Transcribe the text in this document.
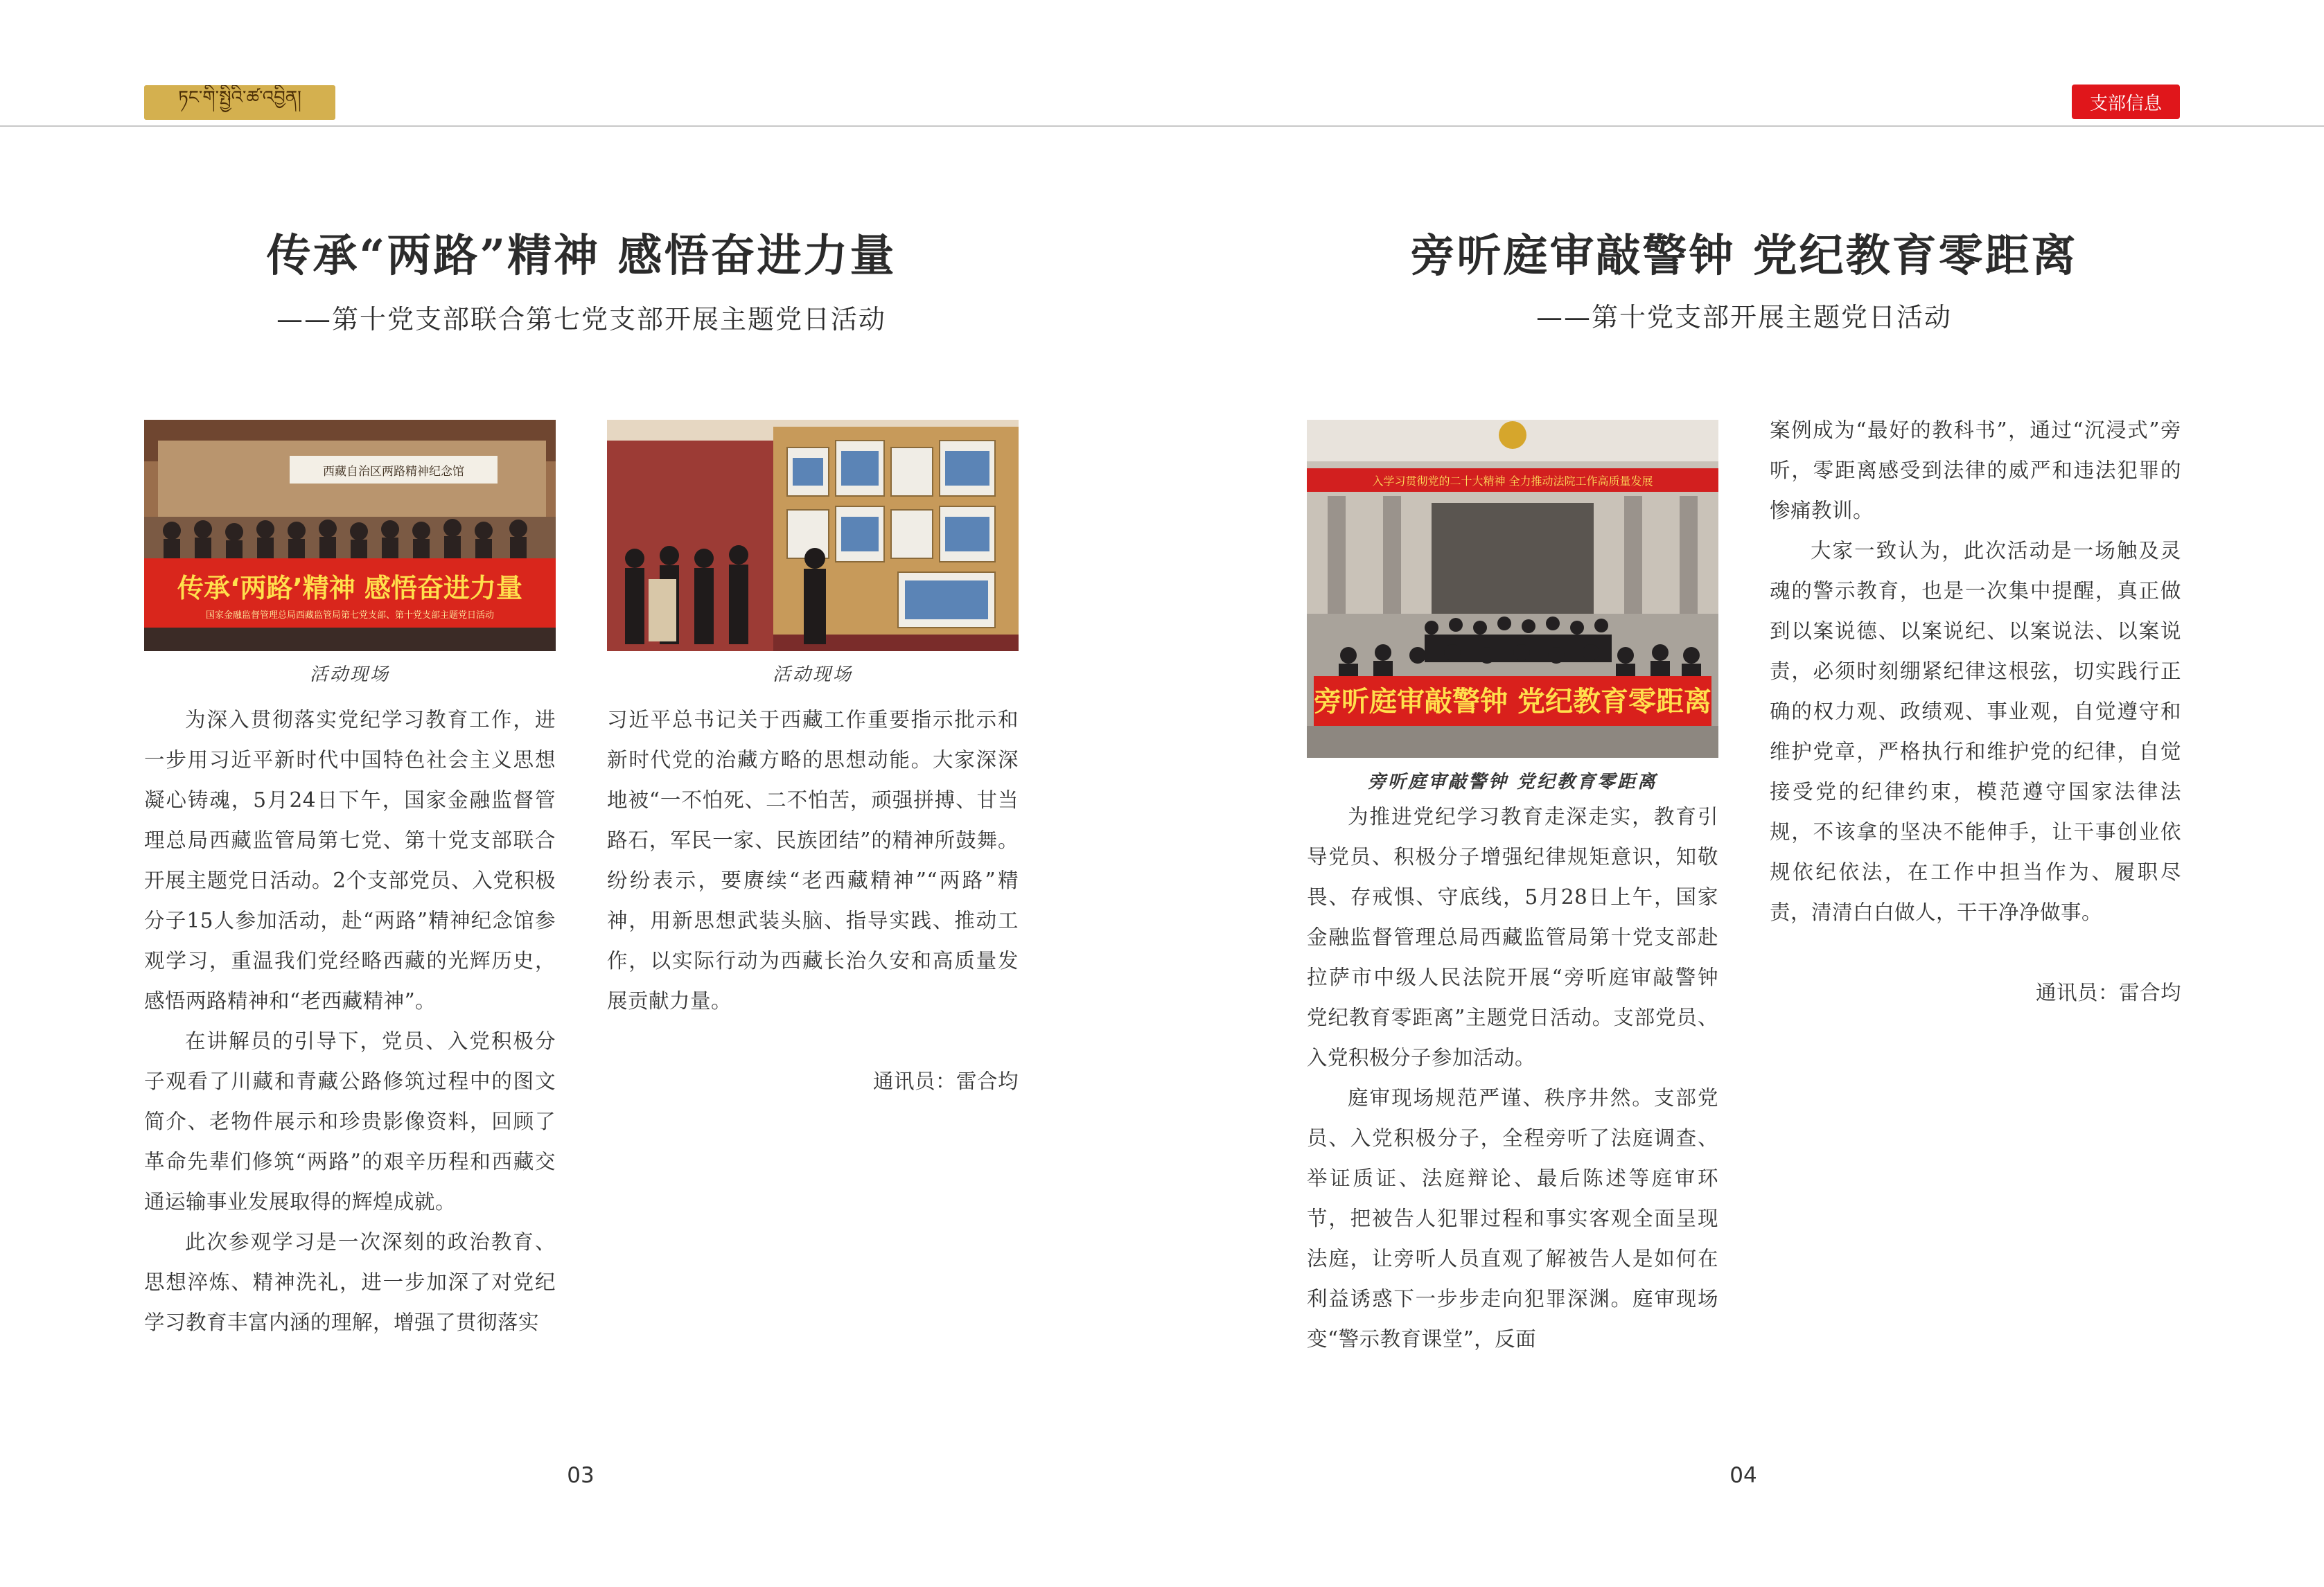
ཏང་གི་སྤྱིའི་ཚ་འབྱིན།	支部信息
传承“两路”精神 感悟奋进力量
——第十党支部联合第七党支部开展主题党日活动
西藏自治区两路精神纪念馆
传承‘两路’精神 感悟奋进力量
国家金融监督管理总局西藏监管局第七党支部、第十党支部主题党日活动
活动现场	活动现场

为深入贯彻落实党纪学习教育工作，进一步用习近平新时代中国特色社会主义思想凝心铸魂，5月24日下午，国家金融监督管理总局西藏监管局第七党、第十党支部联合开展主题党日活动。2个支部党员、入党积极分子15人参加活动，赴“两路”精神纪念馆参观学习，重温我们党经略西藏的光辉历史，感悟两路精神和“老西藏精神”。

在讲解员的引导下，党员、入党积极分子观看了川藏和青藏公路修筑过程中的图文简介、老物件展示和珍贵影像资料，回顾了革命先辈们修筑“两路”的艰辛历程和西藏交通运输事业发展取得的辉煌成就。

此次参观学习是一次深刻的政治教育、思想淬炼、精神洗礼，进一步加深了对党纪学习教育丰富内涵的理解，增强了贯彻落实

习近平总书记关于西藏工作重要指示批示和新时代党的治藏方略的思想动能。大家深深地被“一不怕死、二不怕苦，顽强拼搏、甘当路石，军民一家、民族团结”的精神所鼓舞。纷纷表示，要赓续“老西藏精神”“两路”精神，用新思想武装头脑、指导实践、推动工作，以实际行动为西藏长治久安和高质量发展贡献力量。

通讯员：雷合均

03
旁听庭审敲警钟 党纪教育零距离
——第十党支部开展主题党日活动
入学习贯彻党的二十大精神 全力推动法院工作高质量发展
旁听庭审敲警钟 党纪教育零距离
旁听庭审敲警钟 党纪教育零距离

为推进党纪学习教育走深走实，教育引导党员、积极分子增强纪律规矩意识，知敬畏、存戒惧、守底线，5月28日上午，国家金融监督管理总局西藏监管局第十党支部赴拉萨市中级人民法院开展“旁听庭审敲警钟 党纪教育零距离”主题党日活动。支部党员、入党积极分子参加活动。

庭审现场规范严谨、秩序井然。支部党员、入党积极分子，全程旁听了法庭调查、举证质证、法庭辩论、最后陈述等庭审环节，把被告人犯罪过程和事实客观全面呈现法庭，让旁听人员直观了解被告人是如何在利益诱惑下一步步走向犯罪深渊。庭审现场变“警示教育课堂”，反面

案例成为“最好的教科书”，通过“沉浸式”旁听，零距离感受到法律的威严和违法犯罪的惨痛教训。

大家一致认为，此次活动是一场触及灵魂的警示教育，也是一次集中提醒，真正做到以案说德、以案说纪、以案说法、以案说责，必须时刻绷紧纪律这根弦，切实践行正确的权力观、政绩观、事业观，自觉遵守和维护党章，严格执行和维护党的纪律，自觉接受党的纪律约束，模范遵守国家法律法规，不该拿的坚决不能伸手，让干事创业依规依纪依法，在工作中担当作为、履职尽责，清清白白做人，干干净净做事。

通讯员：雷合均

04
